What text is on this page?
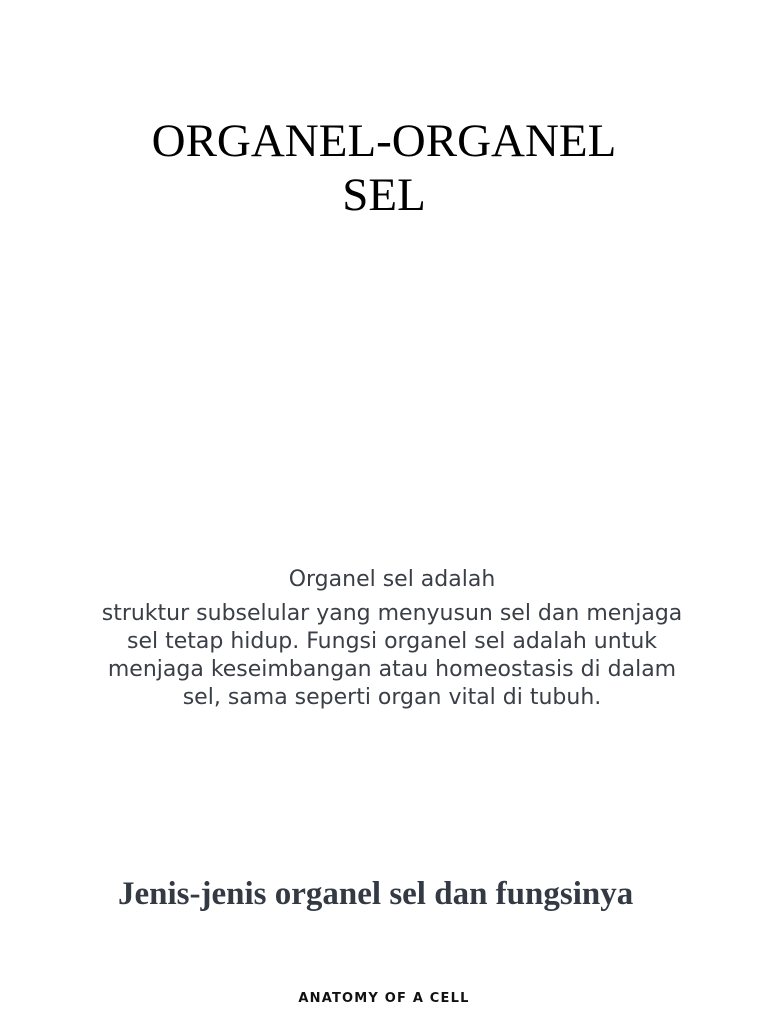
ORGANEL-ORGANEL
SEL
Organel sel adalah
struktur subselular yang menyusun sel dan menjaga sel tetap hidup. Fungsi organel sel adalah untuk menjaga keseimbangan atau homeostasis di dalam sel, sama seperti organ vital di tubuh.
Jenis-jenis organel sel dan fungsinya
ANATOMY OF A CELL
